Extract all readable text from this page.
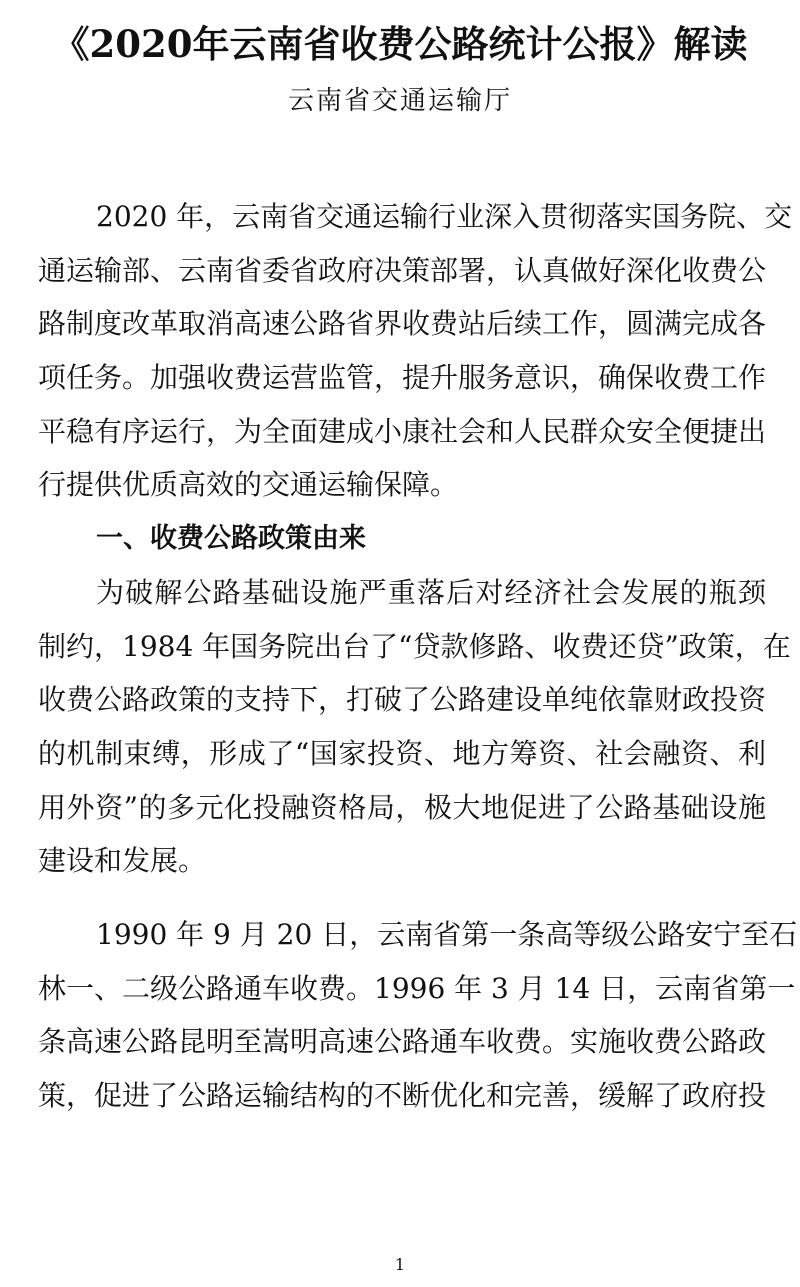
《2020年云南省收费公路统计公报》解读
云南省交通运输厅
2020 年，云南省交通运输行业深入贯彻落实国务院、交
通运输部、云南省委省政府决策部署，认真做好深化收费公
路制度改革取消高速公路省界收费站后续工作，圆满完成各
项任务。加强收费运营监管，提升服务意识，确保收费工作
平稳有序运行，为全面建成小康社会和人民群众安全便捷出
行提供优质高效的交通运输保障。
一、收费公路政策由来
为破解公路基础设施严重落后对经济社会发展的瓶颈
制约，1984 年国务院出台了“贷款修路、收费还贷”政策，在
收费公路政策的支持下，打破了公路建设单纯依靠财政投资
的机制束缚，形成了“国家投资、地方筹资、社会融资、利
用外资”的多元化投融资格局，极大地促进了公路基础设施
建设和发展。
1990 年 9 月 20 日，云南省第一条高等级公路安宁至石
林一、二级公路通车收费。1996 年 3 月 14 日，云南省第一
条高速公路昆明至嵩明高速公路通车收费。实施收费公路政
策，促进了公路运输结构的不断优化和完善，缓解了政府投
1
